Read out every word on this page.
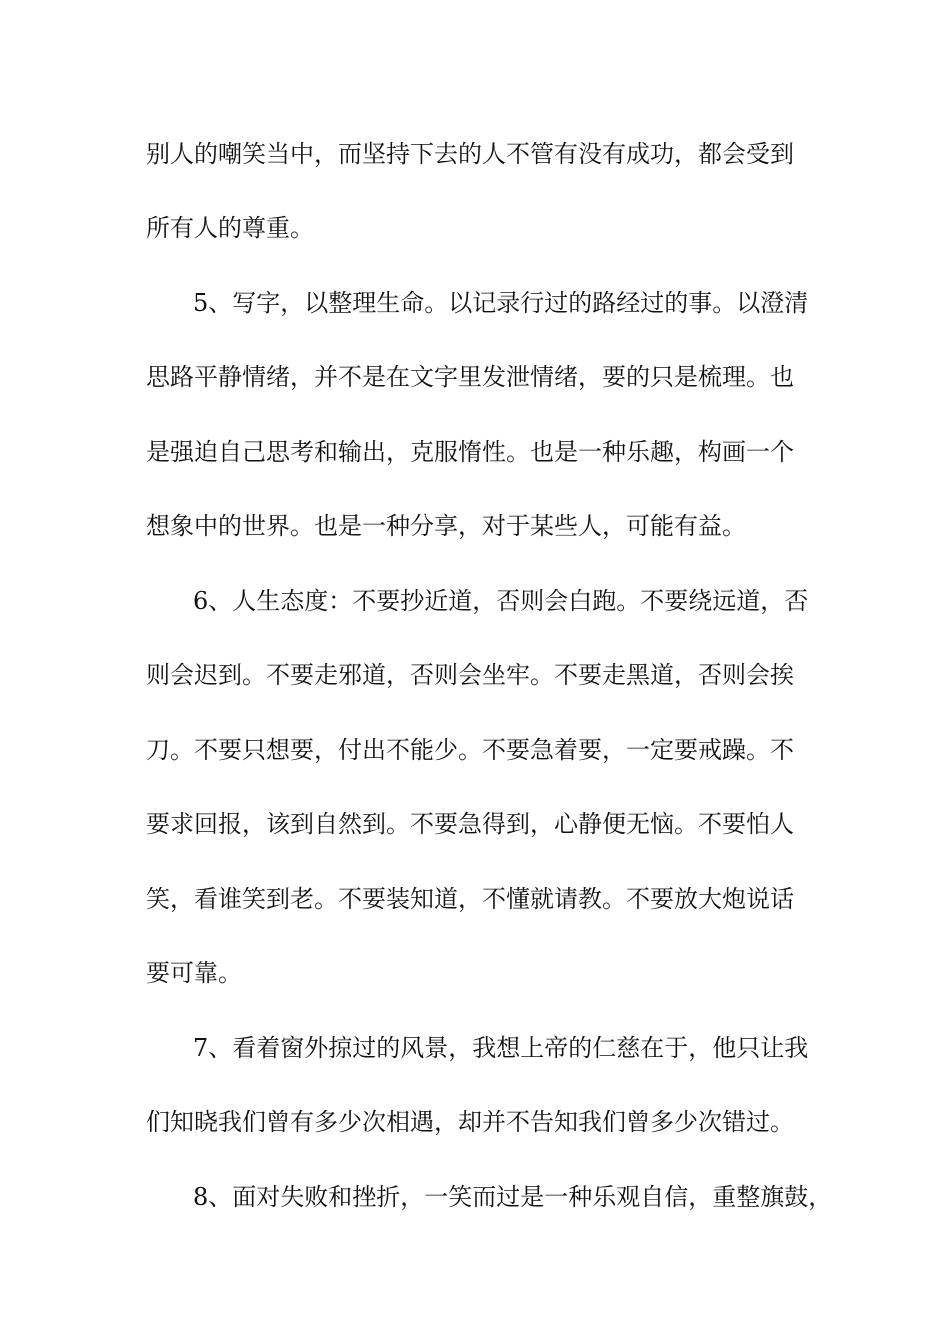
别人的嘲笑当中，而坚持下去的人不管有没有成功，都会受到
所有人的尊重。
5、写字，以整理生命。以记录行过的路经过的事。以澄清
思路平静情绪，并不是在文字里发泄情绪，要的只是梳理。也
是强迫自己思考和输出，克服惰性。也是一种乐趣，构画一个
想象中的世界。也是一种分享，对于某些人，可能有益。
6、人生态度：不要抄近道，否则会白跑。不要绕远道，否
则会迟到。不要走邪道，否则会坐牢。不要走黑道，否则会挨
刀。不要只想要，付出不能少。不要急着要，一定要戒躁。不
要求回报，该到自然到。不要急得到，心静便无恼。不要怕人
笑，看谁笑到老。不要装知道，不懂就请教。不要放大炮说话
要可靠。
7、看着窗外掠过的风景，我想上帝的仁慈在于，他只让我
们知晓我们曾有多少次相遇，却并不告知我们曾多少次错过。
8、面对失败和挫折，一笑而过是一种乐观自信，重整旗鼓，
